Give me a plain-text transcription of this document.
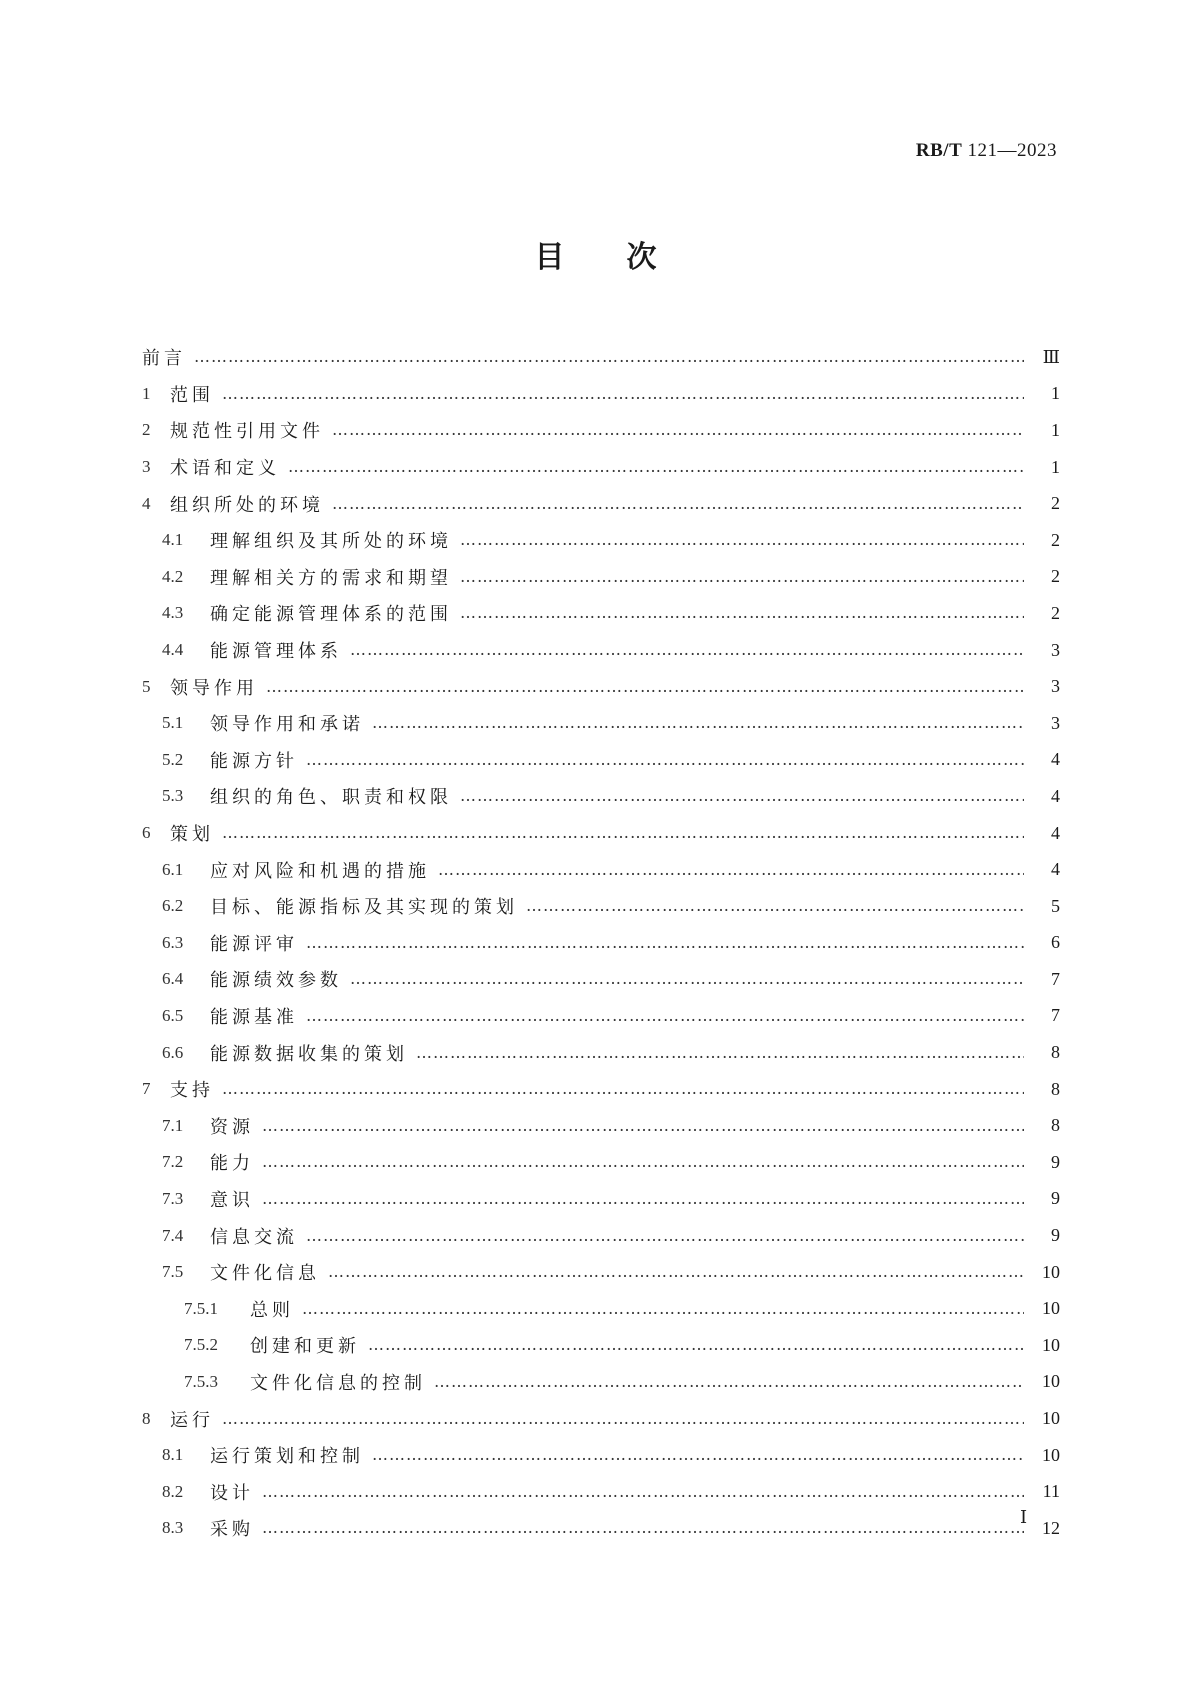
RB/T 121—2023
目次
前言 ………………………………………………………………………………………………………………………………………………………………………………………………………………………………	Ⅲ
1	范围 ………………………………………………………………………………………………………………………………………………………………………………………………………………………………	1
2	规范性引用文件 ………………………………………………………………………………………………………………………………………………………………………………………………………………………………	1
3	术语和定义 ………………………………………………………………………………………………………………………………………………………………………………………………………………………………	1
4	组织所处的环境 ………………………………………………………………………………………………………………………………………………………………………………………………………………………………	2
4.1	理解组织及其所处的环境 ………………………………………………………………………………………………………………………………………………………………………………………………………………………………	2
4.2	理解相关方的需求和期望 ………………………………………………………………………………………………………………………………………………………………………………………………………………………………	2
4.3	确定能源管理体系的范围 ………………………………………………………………………………………………………………………………………………………………………………………………………………………………	2
4.4	能源管理体系 ………………………………………………………………………………………………………………………………………………………………………………………………………………………………	3
5	领导作用 ………………………………………………………………………………………………………………………………………………………………………………………………………………………………	3
5.1	领导作用和承诺 ………………………………………………………………………………………………………………………………………………………………………………………………………………………………	3
5.2	能源方针 ………………………………………………………………………………………………………………………………………………………………………………………………………………………………	4
5.3	组织的角色、职责和权限 ………………………………………………………………………………………………………………………………………………………………………………………………………………………………	4
6	策划 ………………………………………………………………………………………………………………………………………………………………………………………………………………………………	4
6.1	应对风险和机遇的措施 ………………………………………………………………………………………………………………………………………………………………………………………………………………………………	4
6.2	目标、能源指标及其实现的策划 ………………………………………………………………………………………………………………………………………………………………………………………………………………………………	5
6.3	能源评审 ………………………………………………………………………………………………………………………………………………………………………………………………………………………………	6
6.4	能源绩效参数 ………………………………………………………………………………………………………………………………………………………………………………………………………………………………	7
6.5	能源基准 ………………………………………………………………………………………………………………………………………………………………………………………………………………………………	7
6.6	能源数据收集的策划 ………………………………………………………………………………………………………………………………………………………………………………………………………………………………	8
7	支持 ………………………………………………………………………………………………………………………………………………………………………………………………………………………………	8
7.1	资源 ………………………………………………………………………………………………………………………………………………………………………………………………………………………………	8
7.2	能力 ………………………………………………………………………………………………………………………………………………………………………………………………………………………………	9
7.3	意识 ………………………………………………………………………………………………………………………………………………………………………………………………………………………………	9
7.4	信息交流 ………………………………………………………………………………………………………………………………………………………………………………………………………………………………	9
7.5	文件化信息 ………………………………………………………………………………………………………………………………………………………………………………………………………………………………	10
7.5.1	总则 ………………………………………………………………………………………………………………………………………………………………………………………………………………………………	10
7.5.2	创建和更新 ………………………………………………………………………………………………………………………………………………………………………………………………………………………………	10
7.5.3	文件化信息的控制 ………………………………………………………………………………………………………………………………………………………………………………………………………………………………	10
8	运行 ………………………………………………………………………………………………………………………………………………………………………………………………………………………………	10
8.1	运行策划和控制 ………………………………………………………………………………………………………………………………………………………………………………………………………………………………	10
8.2	设计 ………………………………………………………………………………………………………………………………………………………………………………………………………………………………	11
8.3	采购 ………………………………………………………………………………………………………………………………………………………………………………………………………………………………	12
Ⅰ
